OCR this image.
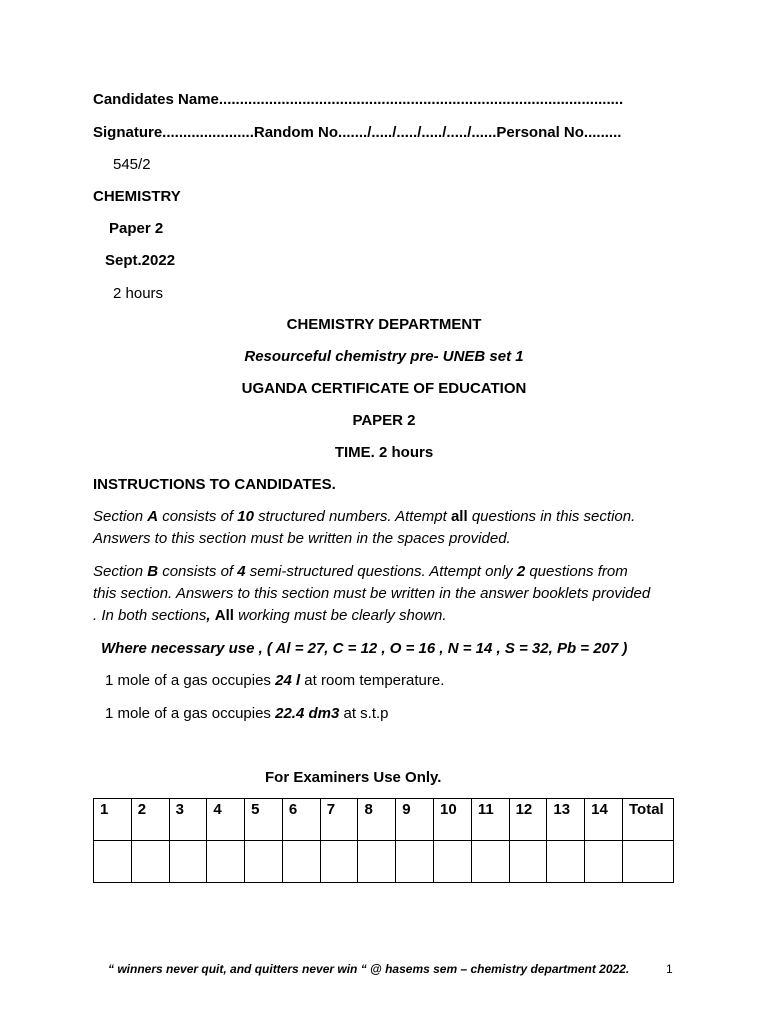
Candidates Name.................................................................................................
Signature......................Random No......./...../...../...../...../......Personal No.........
545/2
CHEMISTRY
Paper 2
Sept.2022
2 hours
CHEMISTRY DEPARTMENT
Resourceful chemistry pre- UNEB set 1
UGANDA CERTIFICATE OF EDUCATION
PAPER 2
TIME. 2 hours
INSTRUCTIONS TO CANDIDATES.
Section A consists of 10 structured numbers. Attempt all questions in this section. Answers to this section must be written in the spaces provided.
Section B consists of 4 semi-structured questions. Attempt only 2 questions from this section. Answers to this section must be written in the answer booklets provided . In both sections, All working must be clearly shown.
Where necessary use , ( Al = 27, C = 12 , O = 16 , N = 14 , S = 32, Pb = 207 )
1 mole of a gas occupies 24 l at room temperature.
1 mole of a gas occupies 22.4 dm3 at s.t.p
For Examiners Use Only.
1	2	3	4	5	6	7	8	9	10	11	12	13	14	Total

“ winners never quit, and quitters never win “ @ hasems sem – chemistry department 2022.	1
